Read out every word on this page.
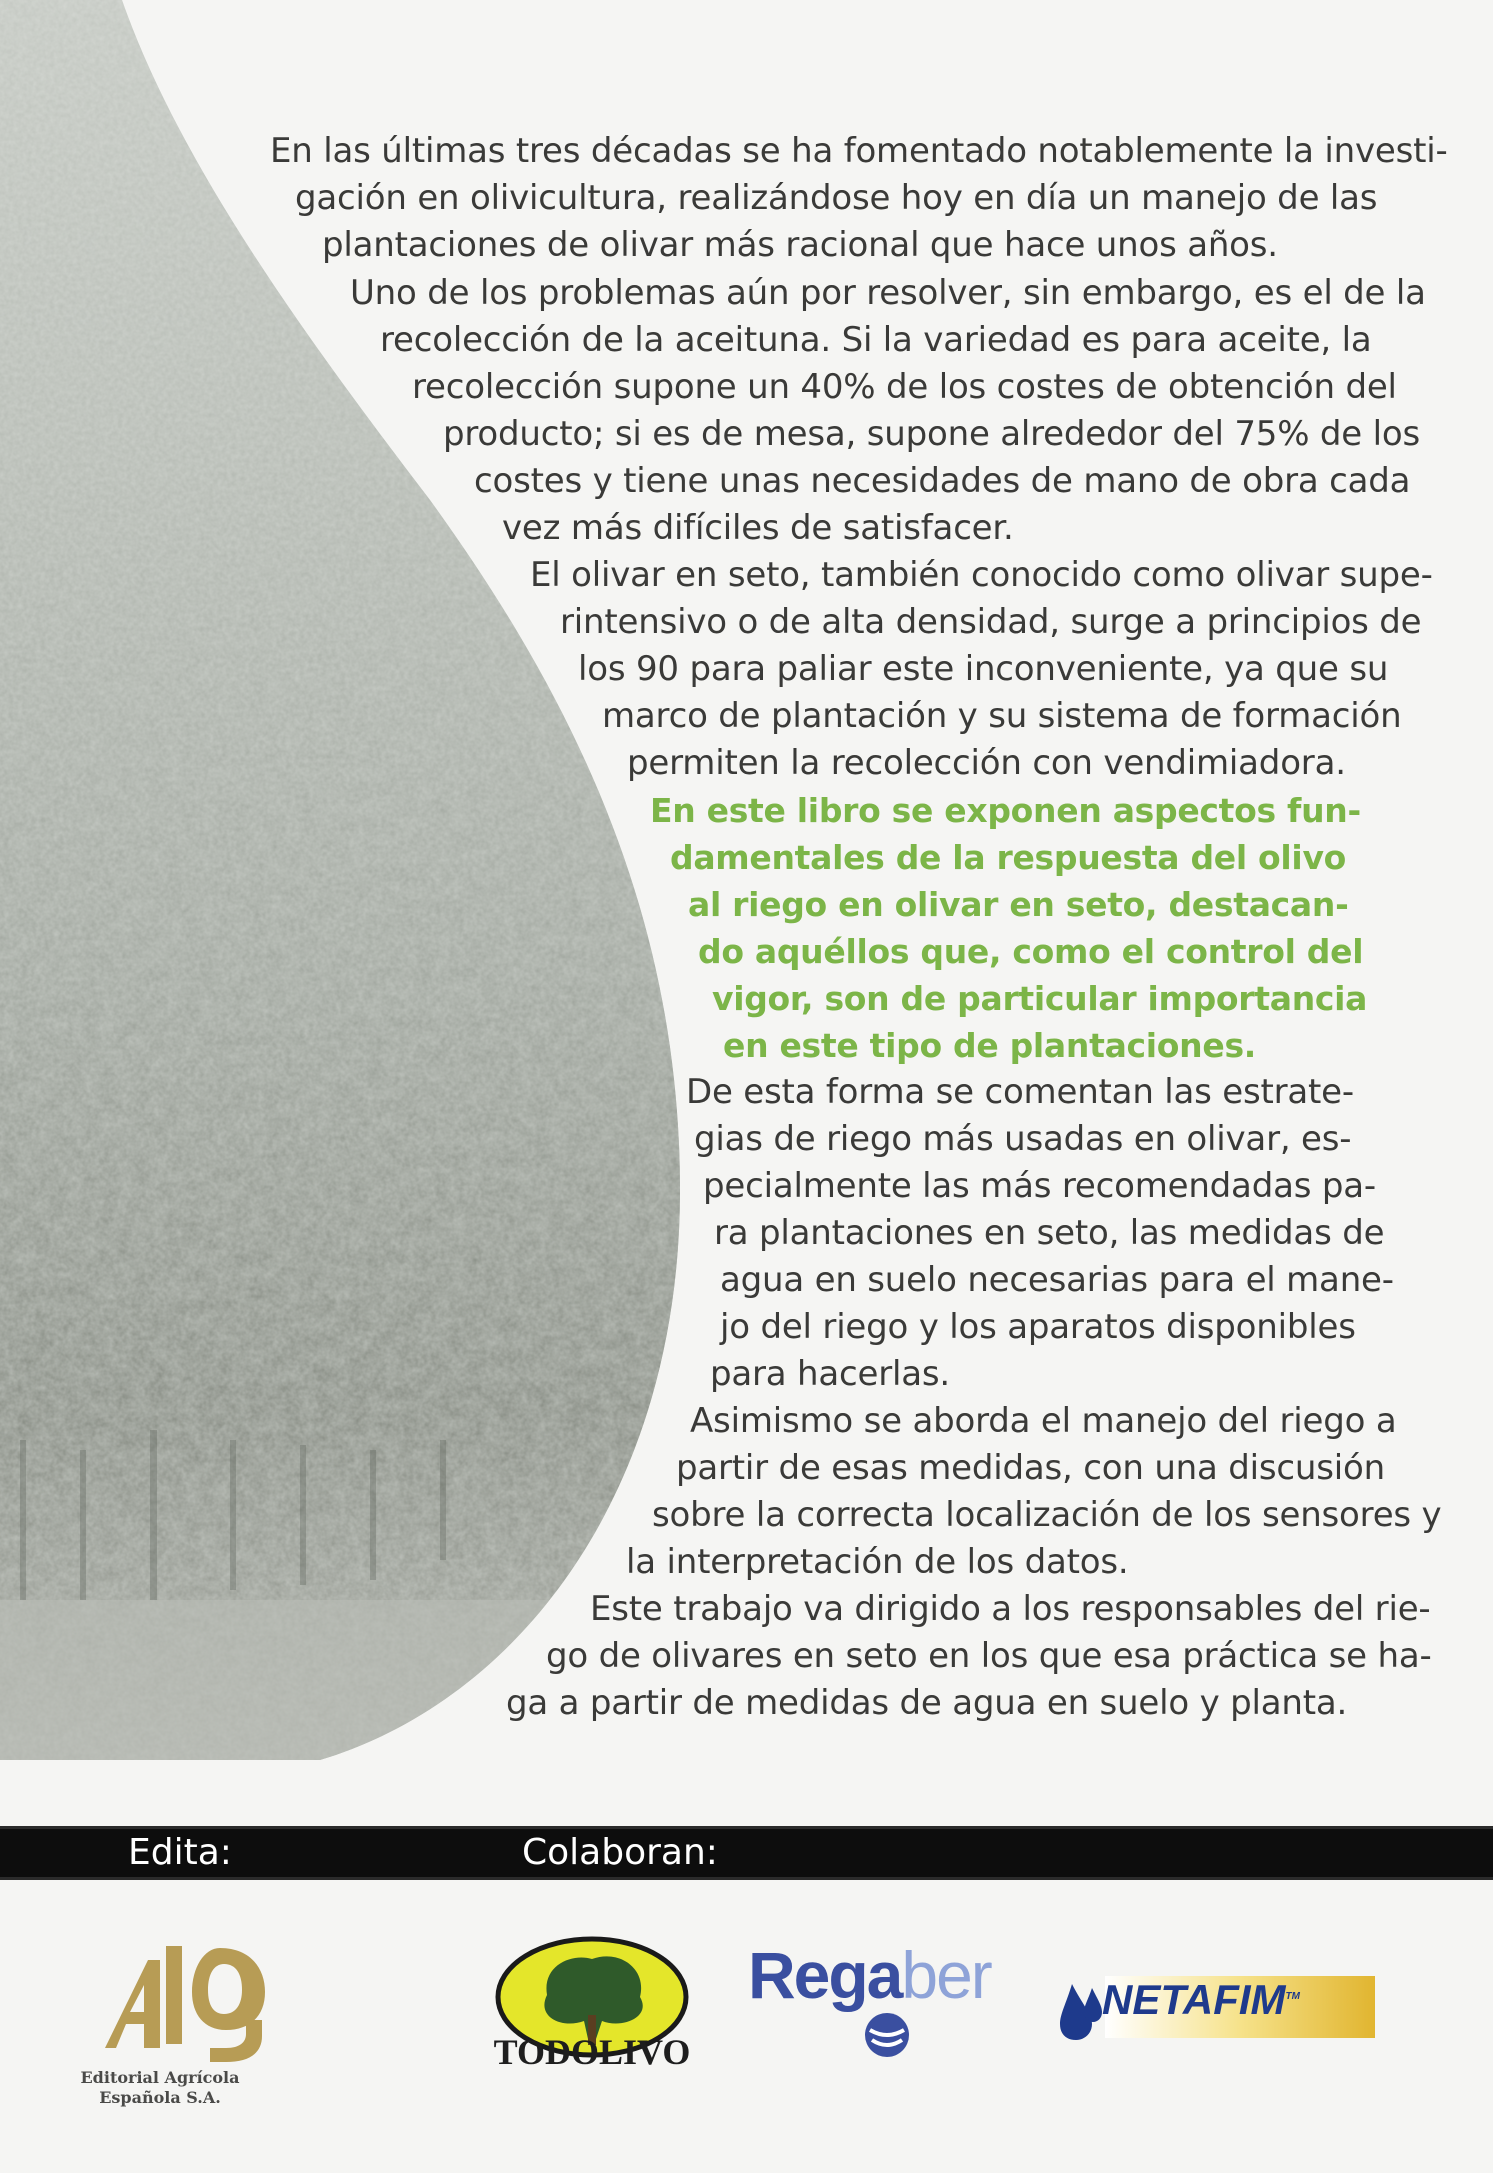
En las últimas tres décadas se ha fomentado notablemente la investi-
gación en olivicultura, realizándose hoy en día un manejo de las
plantaciones de olivar más racional que hace unos años.
Uno de los problemas aún por resolver, sin embargo, es el de la
recolección de la aceituna. Si la variedad es para aceite, la
recolección supone un 40% de los costes de obtención del
producto; si es de mesa, supone alrededor del 75% de los
costes y tiene unas necesidades de mano de obra cada
vez más difíciles de satisfacer.
El olivar en seto, también conocido como olivar supe-
rintensivo o de alta densidad, surge a principios de
los 90 para paliar este inconveniente, ya que su
marco de plantación y su sistema de formación
permiten la recolección con vendimiadora.
En este libro se exponen aspectos fun-
damentales de la respuesta del olivo
al riego en olivar en seto, destacan-
do aquéllos que, como el control del
vigor, son de particular importancia
en este tipo de plantaciones.
De esta forma se comentan las estrate-
gias de riego más usadas en olivar, es-
pecialmente las más recomendadas pa-
ra plantaciones en seto, las medidas de
agua en suelo necesarias para el mane-
jo del riego y los aparatos disponibles
para hacerlas.
Asimismo se aborda el manejo del riego a
partir de esas medidas, con una discusión
sobre la correcta localización de los sensores y
la interpretación de los datos.
Este trabajo va dirigido a los responsables del rie-
go de olivares en seto en los que esa práctica se ha-
ga a partir de medidas de agua en suelo y planta.
Edita:	Colaboran:
Editorial Agrícola
Española S.A.
TODOLIVO
Regaber	NETAFIM™
